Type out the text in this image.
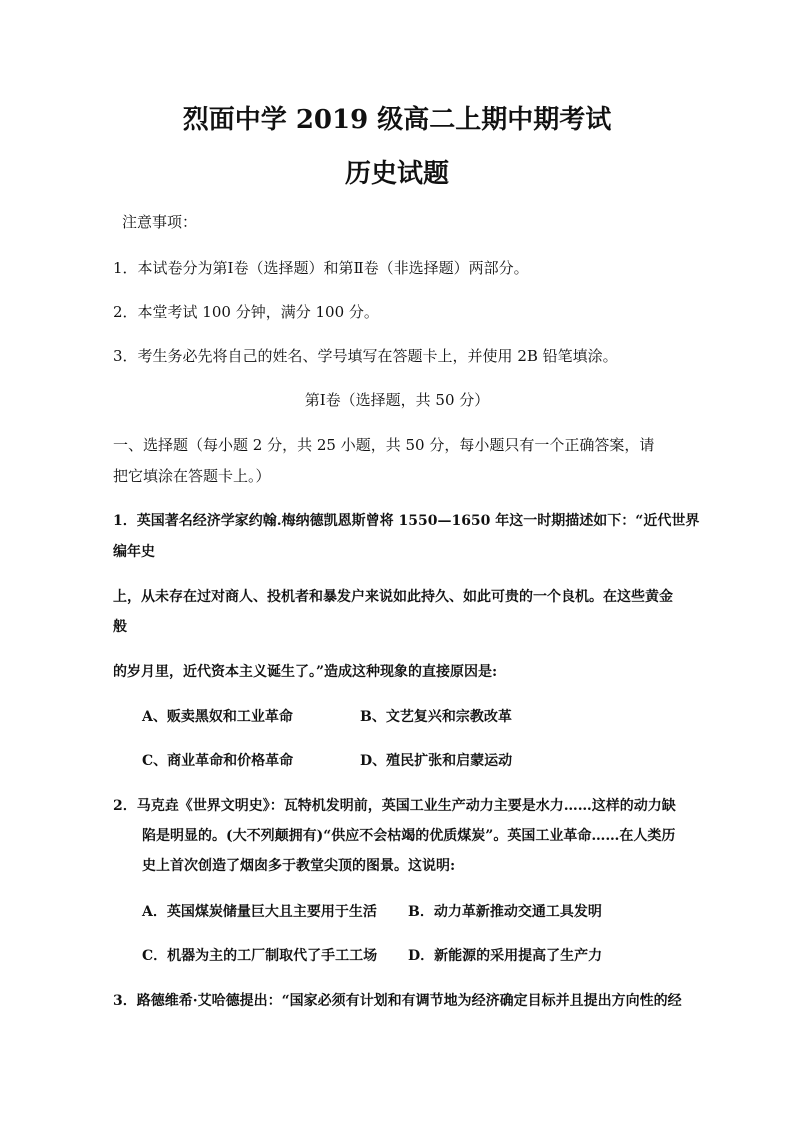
烈面中学 2019 级高二上期中期考试
历史试题
注意事项：
1．本试卷分为第Ⅰ卷（选择题）和第Ⅱ卷（非选择题）两部分。
2．本堂考试 100 分钟，满分 100 分。
3．考生务必先将自己的姓名、学号填写在答题卡上，并使用 2B 铅笔填涂。
第Ⅰ卷（选择题，共 50 分）
一、选择题（每小题 2 分，共 25 小题，共 50 分，每小题只有一个正确答案，请
把它填涂在答题卡上。）
1．英国著名经济学家约翰.梅纳德凯恩斯曾将 1550—1650 年这一时期描述如下：“近代世界
编年史
上，从未存在过对商人、投机者和暴发户来说如此持久、如此可贵的一个良机。在这些黄金
般
的岁月里，近代资本主义诞生了。”造成这种现象的直接原因是:
A、贩卖黑奴和工业革命	B、文艺复兴和宗教改革
C、商业革命和价格革命	D、殖民扩张和启蒙运动
2．马克垚《世界文明史》：瓦特机发明前，英国工业生产动力主要是水力……这样的动力缺
陷是明显的。(大不列颠拥有)“供应不会枯竭的优质煤炭”。英国工业革命……在人类历
史上首次创造了烟囱多于教堂尖顶的图景。这说明:
A．英国煤炭储量巨大且主要用于生活 B．动力革新推动交通工具发明
C．机器为主的工厂制取代了手工工场 D．新能源的采用提高了生产力
3．路德维希·艾哈德提出：“国家必须有计划和有调节地为经济确定目标并且提出方向性的经
